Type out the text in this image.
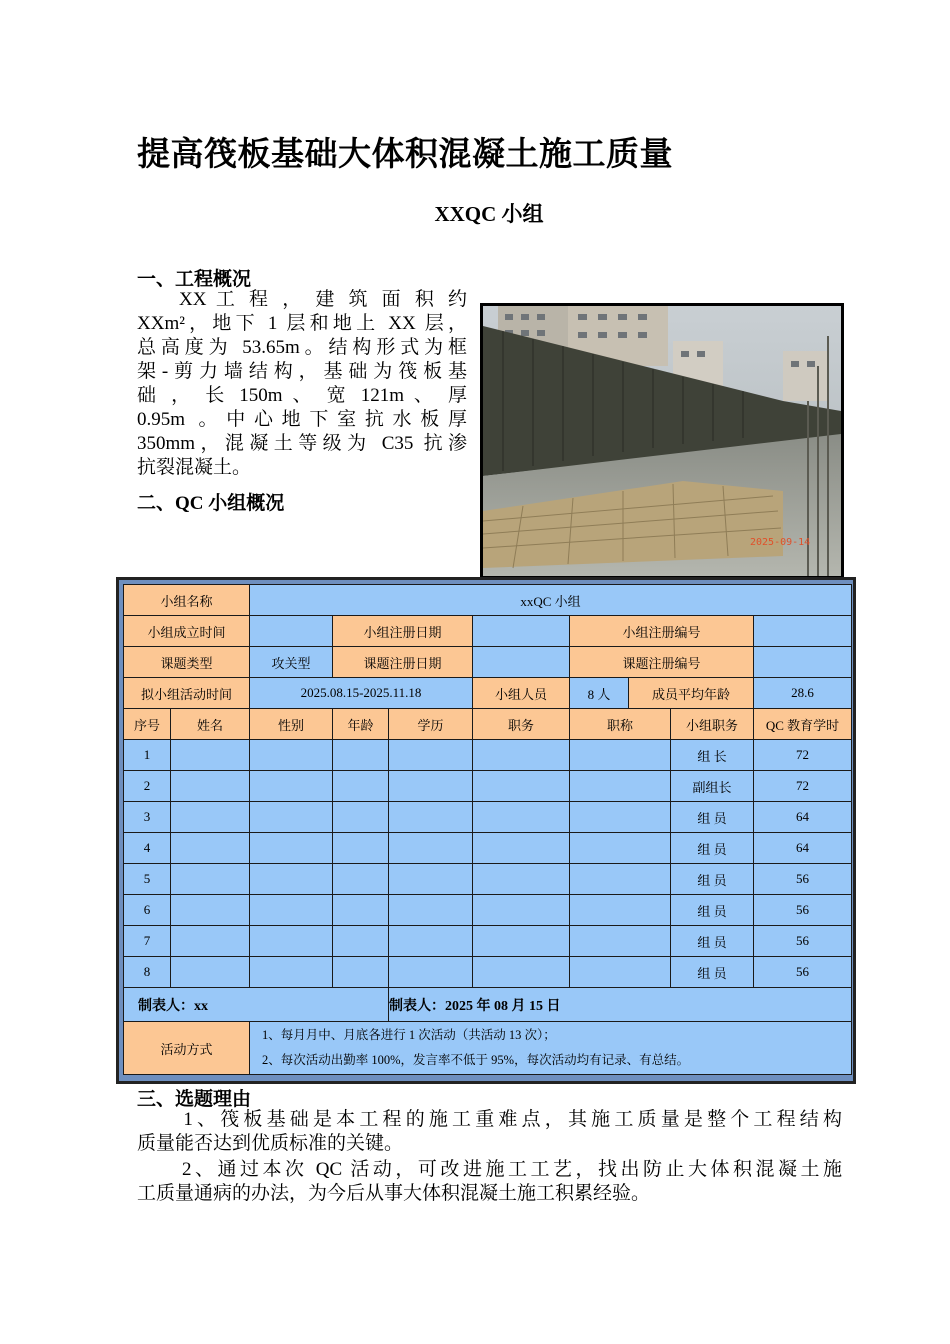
提高筏板基础大体积混凝土施工质量
XXQC 小组
一、工程概况
XX 工 程 ， 建 筑 面 积 约
XXm²，地下 1 层和地上 XX 层，
总高度为 53.65m。结构形式为框
架-剪力墙结构，基础为筏板基
础 ， 长 150m 、 宽 121m 、 厚
0.95m 。中心地下室抗水板厚
350mm，混凝土等级为 C35 抗渗
抗裂混凝土。
二、QC 小组概况
2025-09-14
小组名称		xxQC 小组							
小组成立时间			小组注册日期			小组注册编号			
课题类型		攻关型	课题注册日期			课题注册编号			
拟小组活动时间		2025.08.15-2025.11.18			小组人员	8 人	成员平均年龄		28.6
序号	姓名	性别	年龄	学历	职务	职称		小组职务	QC 教育学时
1								组 长	72
2								副组长	72
3								组 员	64
4								组 员	64
5								组 员	56
6								组 员	56
7								组 员	56
8								组 员	56
制表人：xx				制表人：2025 年 08 月 15 日					
活动方式		1、每月月中、月底各进行 1 次活动（共活动 13 次）；
2、每次活动出勤率 100%，发言率不低于 95%，每次活动均有记录、有总结。							
三、选题理由
　　1、筏板基础是本工程的施工重难点，其施工质量是整个工程结构
质量能否达到优质标准的关键。
　　2、通过本次 QC 活动，可改进施工工艺，找出防止大体积混凝土施
工质量通病的办法，为今后从事大体积混凝土施工积累经验。
